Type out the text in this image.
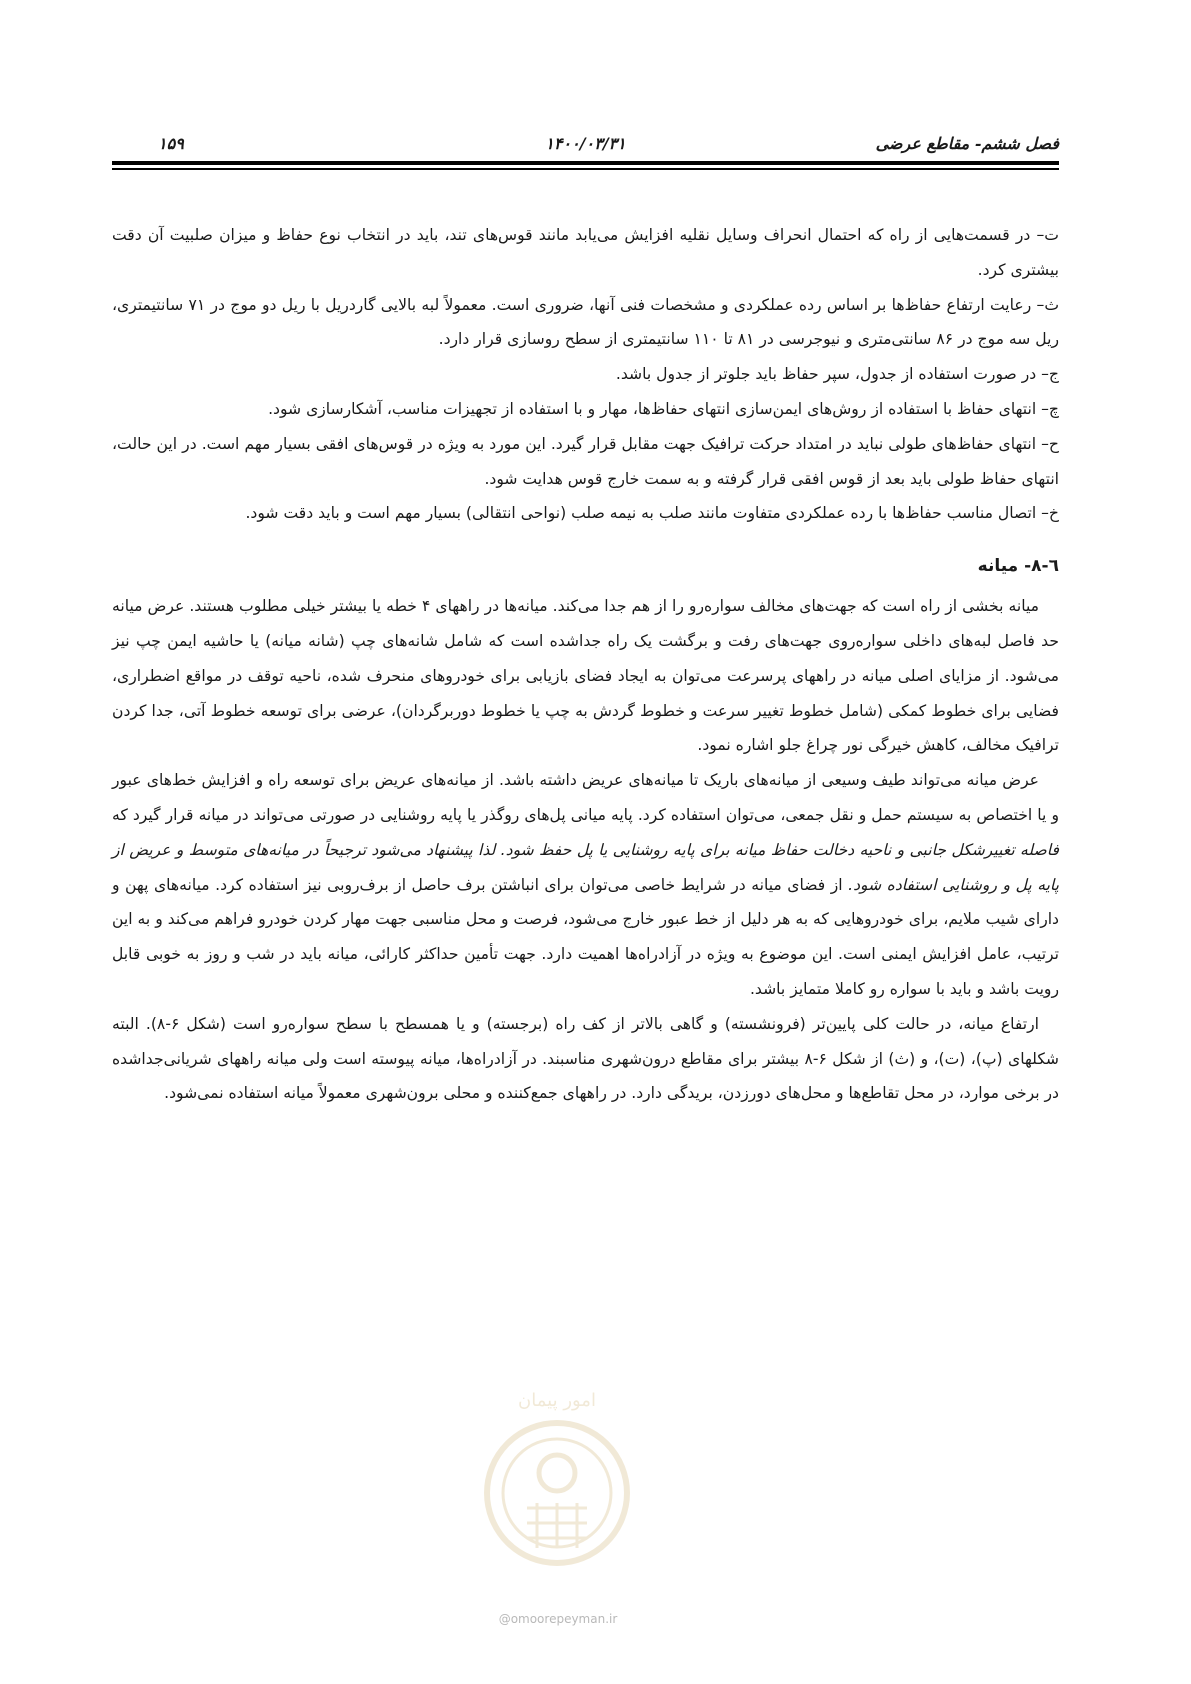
فصل ششم- مقاطع عرضی
۱۴۰۰/۰۳/۳۱
۱۵۹

ت– در قسمت‌هایی از راه که احتمال انحراف وسایل نقلیه افزایش می‌یابد مانند قوس‌های تند، باید در انتخاب نوع حفاظ و میزان صلبیت آن دقت بیشتری کرد.

ث– رعایت ارتفاع حفاظ‌ها بر اساس رده عملکردی و مشخصات فنی آنها، ضروری است. معمولاً لبه بالایی گاردریل با ریل دو موج در ۷۱ سانتیمتری، ریل سه موج در ۸۶ سانتی‌متری و نیوجرسی در ۸۱ تا ۱۱۰ سانتیمتری از سطح روسازی قرار دارد.

ج– در صورت استفاده از جدول، سپر حفاظ باید جلوتر از جدول باشد.

چ– انتهای حفاظ با استفاده از روش‌های ایمن‌سازی انتهای حفاظ‌ها، مهار و با استفاده از تجهیزات مناسب، آشکارسازی شود.

ح– انتهای حفاظ‌های طولی نباید در امتداد حرکت ترافیک جهت مقابل قرار گیرد. این مورد به ویژه در قوس‌های افقی بسیار مهم است. در این حالت، انتهای حفاظ طولی باید بعد از قوس افقی قرار گرفته و به سمت خارج قوس هدایت شود.

خ– اتصال مناسب حفاظ‌ها با رده عملکردی متفاوت مانند صلب به نیمه صلب (نواحی انتقالی) بسیار مهم است و باید دقت شود.

٦-٨- میانه

میانه بخشی از راه است که جهت‌های مخالف سواره‌رو را از هم جدا می‌کند. میانه‌ها در راههای ۴ خطه یا بیشتر خیلی مطلوب هستند. عرض میانه حد فاصل لبه‌های داخلی سواره‌روی جهت‌های رفت و برگشت یک راه جداشده است که شامل شانه‌های چپ (شانه میانه) یا حاشیه ایمن چپ نیز می‌شود. از مزایای اصلی میانه در راههای پرسرعت می‌توان به ایجاد فضای بازیابی برای خودروهای منحرف شده، ناحیه توقف در مواقع اضطراری، فضایی برای خطوط کمکی (شامل خطوط تغییر سرعت و خطوط گردش به چپ یا خطوط دوربرگردان)، عرضی برای توسعه خطوط آتی، جدا کردن ترافیک مخالف، کاهش خیرگی نور چراغ جلو اشاره نمود.

عرض میانه می‌تواند طیف وسیعی از میانه‌های باریک تا میانه‌های عریض داشته باشد. از میانه‌های عریض برای توسعه راه و افزایش خط‌های عبور و یا اختصاص به سیستم حمل و نقل جمعی، می‌توان استفاده کرد. پایه میانی پل‌های روگذر یا پایه روشنایی در صورتی می‌تواند در میانه قرار گیرد که فاصله تغییرشکل جانبی و ناحیه دخالت حفاظ میانه برای پایه روشنایی یا پل حفظ شود. لذا پیشنهاد می‌شود ترجیحاً در میانه‌های متوسط و عریض از پایه پل و روشنایی استفاده شود. از فضای میانه در شرایط خاصی می‌توان برای انباشتن برف حاصل از برف‌روبی نیز استفاده کرد. میانه‌های پهن و دارای شیب ملایم، برای خودروهایی که به هر دلیل از خط عبور خارج می‌شود، فرصت و محل مناسبی جهت مهار کردن خودرو فراهم می‌کند و به این ترتیب، عامل افزایش ایمنی است. این موضوع به ویژه در آزادراه‌ها اهمیت دارد. جهت تأمین حداکثر کارائی، میانه باید در شب و روز به خوبی قابل رویت باشد و باید با سواره رو کاملا متمایز باشد.

ارتفاع میانه، در حالت کلی پایین‌تر (فرونشسته) و گاهی بالاتر از کف راه (برجسته) و یا همسطح با سطح سواره‌رو است (شکل ۶-۸). البته شکلهای (پ)، (ت)، و (ث) از شکل ۶-۸ بیشتر برای مقاطع درون‌شهری مناسبند. در آزادراه‌ها، میانه پیوسته است ولی میانه راههای شریانی‌جداشده در برخی موارد، در محل تقاطع‌ها و محل‌های دورزدن، بریدگی دارد. در راههای جمع‌کننده و محلی برون‌شهری معمولاً میانه استفاده نمی‌شود.

امور پیمان
@omoorepeyman.ir
